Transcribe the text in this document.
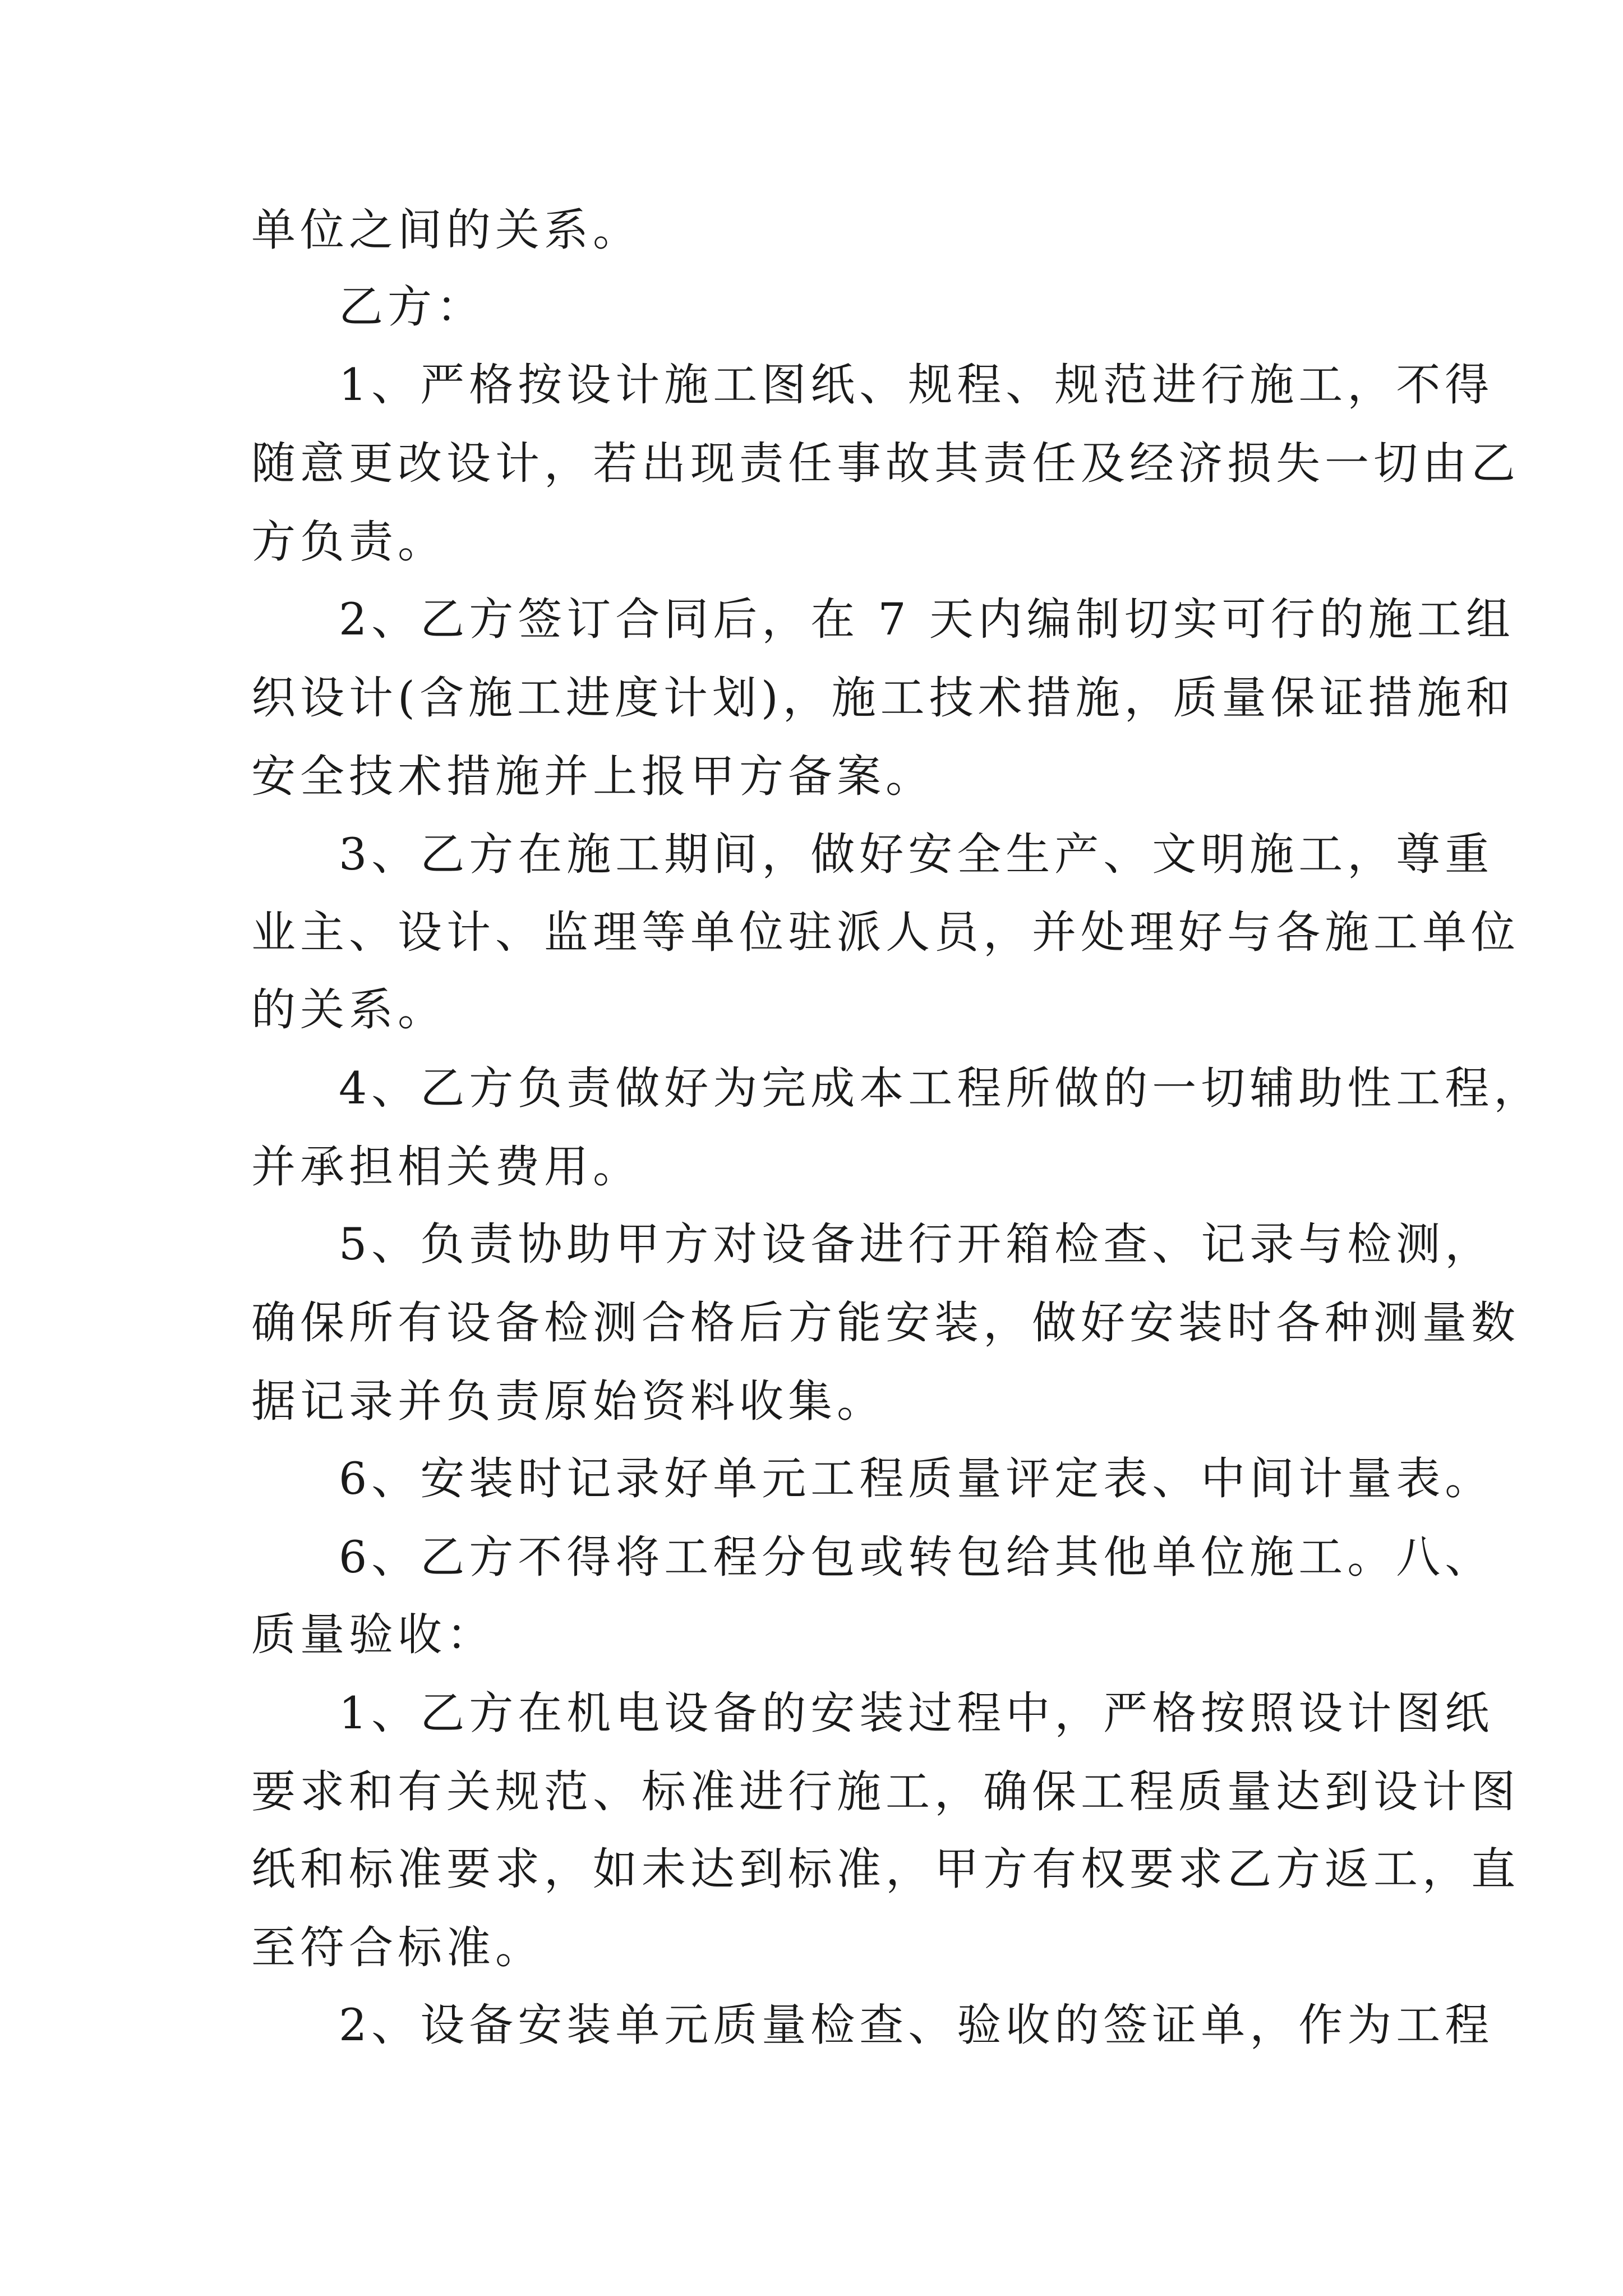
单位之间的关系。
乙方：
1、严格按设计施工图纸、规程、规范进行施工，不得
随意更改设计，若出现责任事故其责任及经济损失一切由乙
方负责。
2、乙方签订合同后，在 7 天内编制切实可行的施工组
织设计(含施工进度计划)，施工技术措施，质量保证措施和
安全技术措施并上报甲方备案。
3、乙方在施工期间，做好安全生产、文明施工，尊重
业主、设计、监理等单位驻派人员，并处理好与各施工单位
的关系。
4、乙方负责做好为完成本工程所做的一切辅助性工程，
并承担相关费用。
5、负责协助甲方对设备进行开箱检查、记录与检测，
确保所有设备检测合格后方能安装，做好安装时各种测量数
据记录并负责原始资料收集。
6、安装时记录好单元工程质量评定表、中间计量表。
6、乙方不得将工程分包或转包给其他单位施工。八、
质量验收：
1、乙方在机电设备的安装过程中，严格按照设计图纸
要求和有关规范、标准进行施工，确保工程质量达到设计图
纸和标准要求，如未达到标准，甲方有权要求乙方返工，直
至符合标准。
2、设备安装单元质量检查、验收的签证单，作为工程
